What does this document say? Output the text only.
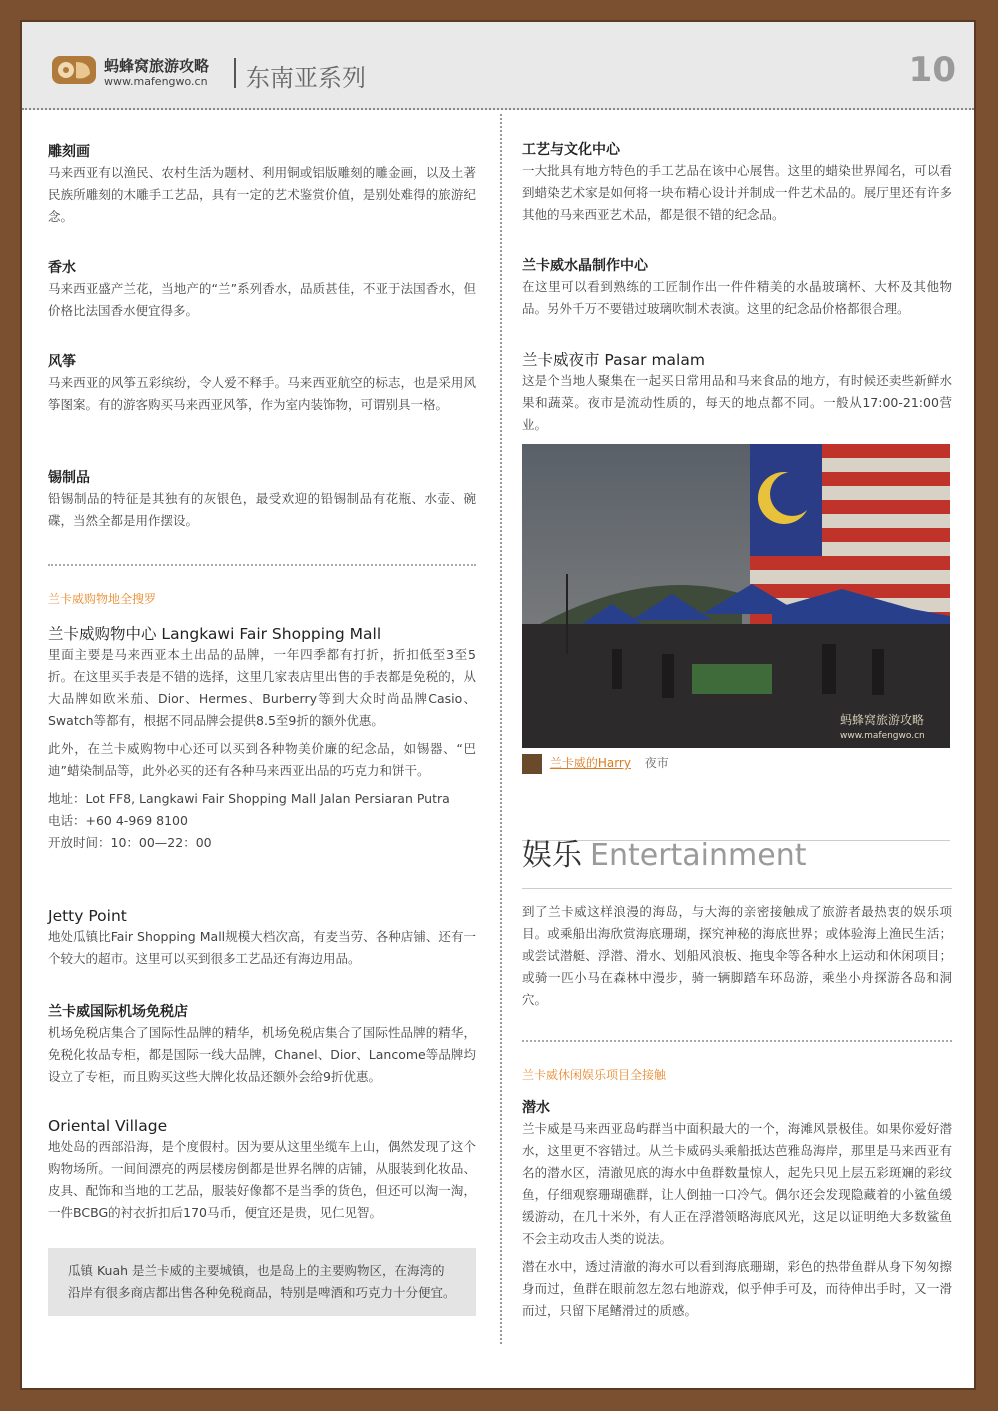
蚂蜂窝旅游攻略
www.mafengwo.cn 东南亚系列	10
雕刻画

马来西亚有以渔民、农村生活为题材、利用铜或铝版雕刻的雕金画，以及土著民族所雕刻的木雕手工艺品，具有一定的艺术鉴赏价值，是别处难得的旅游纪念。

香水

马来西亚盛产兰花，当地产的“兰”系列香水，品质甚佳，不亚于法国香水，但价格比法国香水便宜得多。

风筝

马来西亚的风筝五彩缤纷，令人爱不释手。马来西亚航空的标志，也是采用风筝图案。有的游客购买马来西亚风筝，作为室内装饰物，可谓别具一格。

锡制品

铅锡制品的特征是其独有的灰银色，最受欢迎的铅锡制品有花瓶、水壶、碗碟，当然全都是用作摆设。

兰卡威购物地全搜罗
兰卡威购物中心 Langkawi Fair Shopping Mall

里面主要是马来西亚本土出品的品牌，一年四季都有打折，折扣低至3至5折。在这里买手表是不错的选择，这里几家表店里出售的手表都是免税的，从大品牌如欧米茄、Dior、Hermes、Burberry等到大众时尚品牌Casio、Swatch等都有，根据不同品牌会提供8.5至9折的额外优惠。

此外，在兰卡威购物中心还可以买到各种物美价廉的纪念品，如锡器、“巴迪”蜡染制品等，此外必买的还有各种马来西亚出品的巧克力和饼干。

地址：Lot FF8, Langkawi Fair Shopping Mall Jalan Persiaran Putra

电话：+60 4-969 8100

开放时间：10：00—22：00

Jetty Point

地处瓜镇比Fair Shopping Mall规模大档次高，有麦当劳、各种店铺、还有一个较大的超市。这里可以买到很多工艺品还有海边用品。

兰卡威国际机场免税店

机场免税店集合了国际性品牌的精华，机场免税店集合了国际性品牌的精华，免税化妆品专柜，都是国际一线大品牌，Chanel、Dior、Lancome等品牌均设立了专柜，而且购买这些大牌化妆品还额外会给9折优惠。

Oriental Village

地处岛的西部沿海，是个度假村。因为要从这里坐缆车上山，偶然发现了这个购物场所。一间间漂亮的两层楼房倒都是世界名牌的店铺，从服装到化妆品、皮具、配饰和当地的工艺品，服装好像都不是当季的货色，但还可以淘一淘，一件BCBG的衬衣折扣后170马币，便宜还是贵，见仁见智。

瓜镇 Kuah 是兰卡威的主要城镇，也是岛上的主要购物区，在海湾的沿岸有很多商店都出售各种免税商品，特别是啤酒和巧克力十分便宜。
工艺与文化中心

一大批具有地方特色的手工艺品在该中心展售。这里的蜡染世界闻名，可以看到蜡染艺术家是如何将一块布精心设计并制成一件艺术品的。展厅里还有许多其他的马来西亚艺术品，都是很不错的纪念品。

兰卡威水晶制作中心

在这里可以看到熟练的工匠制作出一件件精美的水晶玻璃杯、大杯及其他物品。另外千万不要错过玻璃吹制术表演。这里的纪念品价格都很合理。

兰卡威夜市 Pasar malam

这是个当地人聚集在一起买日常用品和马来食品的地方，有时候还卖些新鲜水果和蔬菜。夜市是流动性质的，每天的地点都不同。一般从17:00-21:00营业。

蚂蜂窝旅游攻略
www.mafengwo.cn
兰卡威的Harry 夜市
娱乐 Entertainment

到了兰卡威这样浪漫的海岛，与大海的亲密接触成了旅游者最热衷的娱乐项目。或乘船出海欣赏海底珊瑚，探究神秘的海底世界；或体验海上渔民生活；或尝试潜艇、浮潜、滑水、划船风浪板、拖曳伞等各种水上运动和休闲项目；或骑一匹小马在森林中漫步，骑一辆脚踏车环岛游，乘坐小舟探游各岛和洞穴。

兰卡威休闲娱乐项目全接触
潜水

兰卡威是马来西亚岛屿群当中面积最大的一个，海滩风景极佳。如果你爱好潜水，这里更不容错过。从兰卡威码头乘船抵达芭雅岛海岸，那里是马来西亚有名的潜水区，清澈见底的海水中鱼群数量惊人，起先只见上层五彩斑斓的彩纹鱼，仔细观察珊瑚礁群，让人倒抽一口冷气。偶尔还会发现隐藏着的小鲨鱼缓缓游动，在几十米外，有人正在浮潜领略海底风光，这足以证明绝大多数鲨鱼不会主动攻击人类的说法。

潜在水中，透过清澈的海水可以看到海底珊瑚，彩色的热带鱼群从身下匆匆擦身而过，鱼群在眼前忽左忽右地游戏，似乎伸手可及，而待伸出手时，又一滑而过，只留下尾鳍滑过的质感。
